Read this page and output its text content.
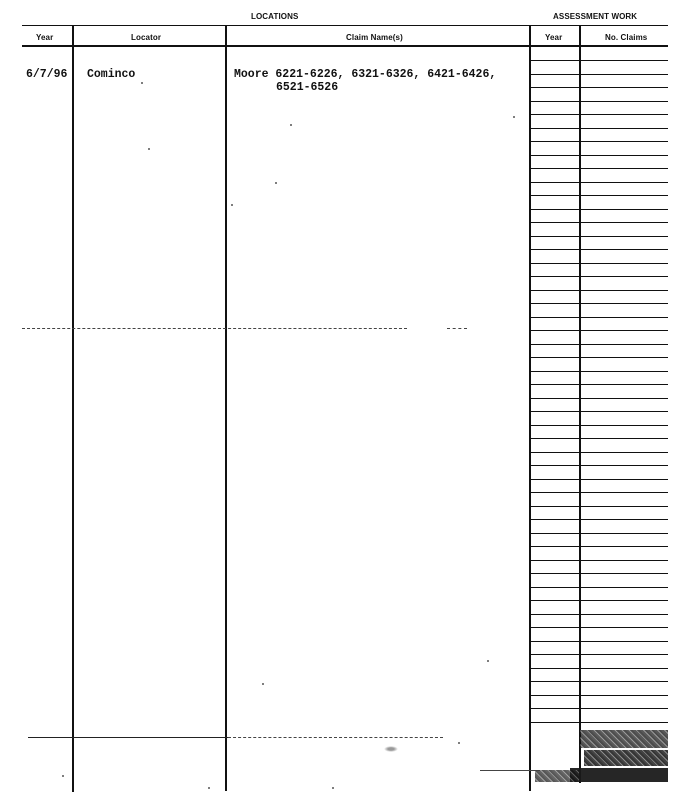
LOCATIONS	ASSESSMENT WORK
Year	Locator	Claim Name(s)	Year	No. Claims
6/7/96 Cominco	Moore 6221-6226, 6321-6326, 6421-6426,
6521-6526
